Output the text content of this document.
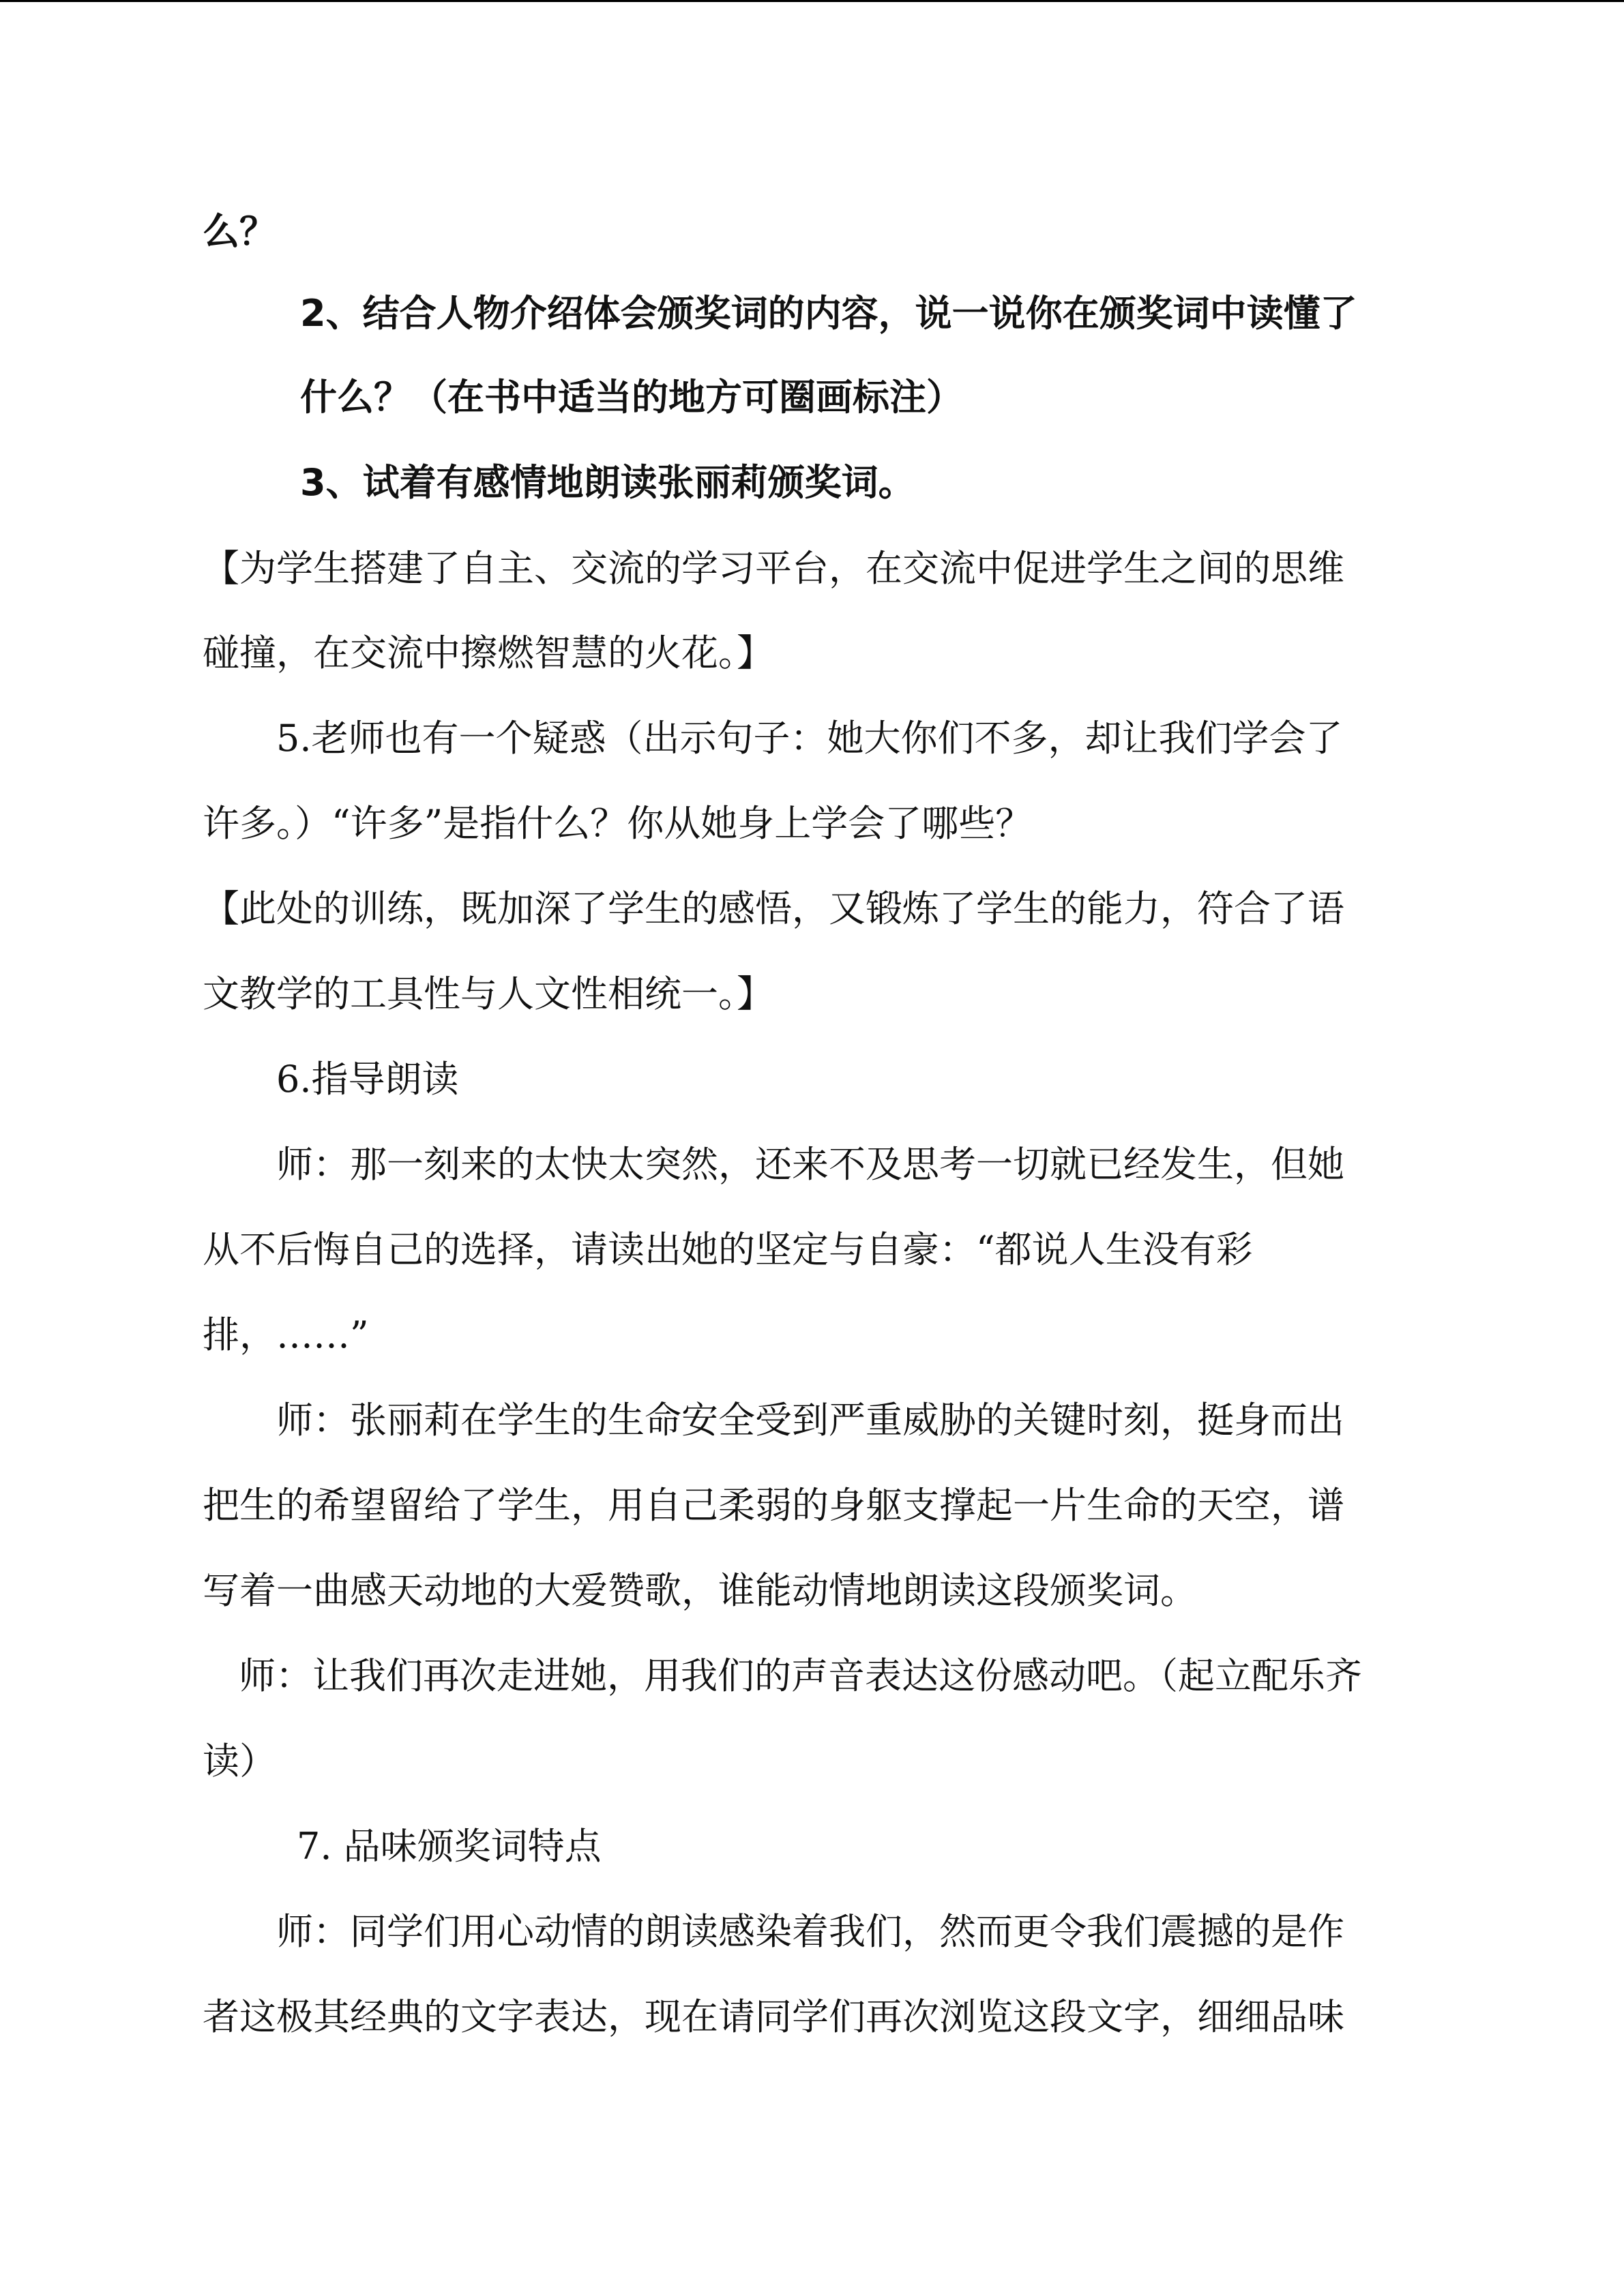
么？
2、结合人物介绍体会颁奖词的内容，说一说你在颁奖词中读懂了
什么？（在书中适当的地方可圈画标注）
3、试着有感情地朗读张丽莉颁奖词。
【为学生搭建了自主、交流的学习平台，在交流中促进学生之间的思维
碰撞，在交流中擦燃智慧的火花。】
5.老师也有一个疑惑（出示句子：她大你们不多，却让我们学会了
许多。）“许多”是指什么？你从她身上学会了哪些？
【此处的训练，既加深了学生的感悟，又锻炼了学生的能力，符合了语
文教学的工具性与人文性相统一。】
6.指导朗读
师：那一刻来的太快太突然，还来不及思考一切就已经发生，但她
从不后悔自己的选择，请读出她的坚定与自豪：“都说人生没有彩
排，……”
师：张丽莉在学生的生命安全受到严重威胁的关键时刻，挺身而出
把生的希望留给了学生，用自己柔弱的身躯支撑起一片生命的天空，谱
写着一曲感天动地的大爱赞歌，谁能动情地朗读这段颁奖词。
师：让我们再次走进她，用我们的声音表达这份感动吧。（起立配乐齐
读）
7. 品味颁奖词特点
师：同学们用心动情的朗读感染着我们，然而更令我们震撼的是作
者这极其经典的文字表达，现在请同学们再次浏览这段文字，细细品味
